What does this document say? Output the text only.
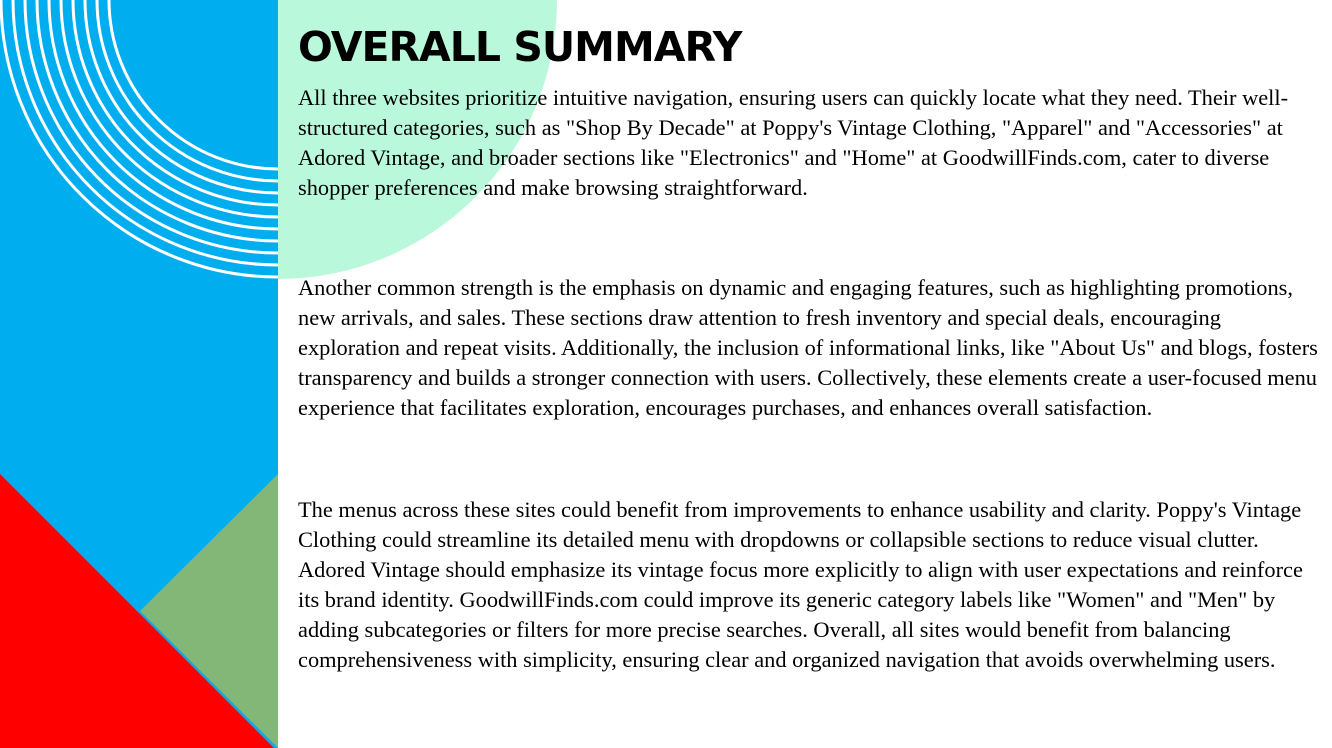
OVERALL SUMMARY

All three websites prioritize intuitive navigation, ensuring users can quickly locate what they need. Their well-structured categories, such as "Shop By Decade" at Poppy's Vintage Clothing, "Apparel" and "Accessories" at Adored Vintage, and broader sections like "Electronics" and "Home" at GoodwillFinds.com, cater to diverse shopper preferences and make browsing straightforward.

Another common strength is the emphasis on dynamic and engaging features, such as highlighting promotions, new arrivals, and sales. These sections draw attention to fresh inventory and special deals, encouraging exploration and repeat visits. Additionally, the inclusion of informational links, like "About Us" and blogs, fosters transparency and builds a stronger connection with users. Collectively, these elements create a user-focused menu experience that facilitates exploration, encourages purchases, and enhances overall satisfaction.

The menus across these sites could benefit from improvements to enhance usability and clarity. Poppy's Vintage Clothing could streamline its detailed menu with dropdowns or collapsible sections to reduce visual clutter. Adored Vintage should emphasize its vintage focus more explicitly to align with user expectations and reinforce its brand identity. GoodwillFinds.com could improve its generic category labels like "Women" and "Men" by adding subcategories or filters for more precise searches. Overall, all sites would benefit from balancing comprehensiveness with simplicity, ensuring clear and organized navigation that avoids overwhelming users.
